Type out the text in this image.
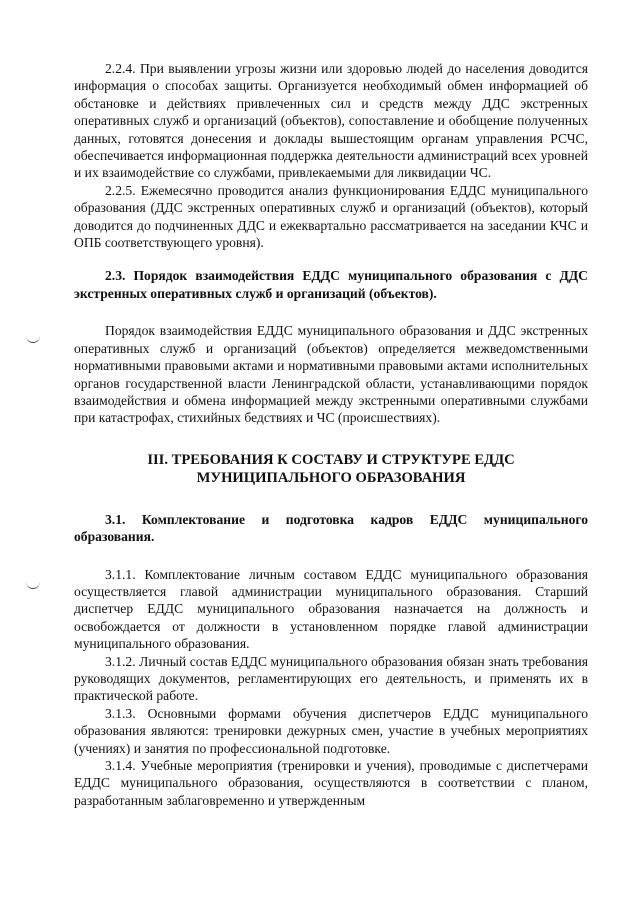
2.2.4. При выявлении угрозы жизни или здоровью людей до населения доводится информация о способах защиты. Организуется необходимый обмен информацией об обстановке и действиях привлеченных сил и средств между ДДС экстренных оперативных служб и организаций (объектов), сопоставление и обобщение полученных данных, готовятся донесения и доклады вышестоящим органам управления РСЧС, обеспечивается информационная поддержка деятельности администраций всех уровней и их взаимодействие со службами, привлекаемыми для ликвидации ЧС.

2.2.5. Ежемесячно проводится анализ функционирования ЕДДС муниципального образования (ДДС экстренных оперативных служб и организаций (объектов), который доводится до подчиненных ДДС и ежеквартально рассматривается на заседании КЧС и ОПБ соответствующего уровня).

2.3. Порядок взаимодействия ЕДДС муниципального образования с ДДС экстренных оперативных служб и организаций (объектов).

Порядок взаимодействия ЕДДС муниципального образования и ДДС экстренных оперативных служб и организаций (объектов) определяется межведомственными нормативными правовыми актами и нормативными правовыми актами исполнительных органов государственной власти Ленинградской области, устанавливающими порядок взаимодействия и обмена информацией между экстренными оперативными службами при катастрофах, стихийных бедствиях и ЧС (происшествиях).

III. ТРЕБОВАНИЯ К СОСТАВУ И СТРУКТУРЕ ЕДДС

МУНИЦИПАЛЬНОГО ОБРАЗОВАНИЯ

3.1. Комплектование и подготовка кадров ЕДДС муниципального образования.

3.1.1. Комплектование личным составом ЕДДС муниципального образования осуществляется главой администрации муниципального образования. Старший диспетчер ЕДДС муниципального образования назначается на должность и освобождается от должности в установленном порядке главой администрации муниципального образования.

3.1.2. Личный состав ЕДДС муниципального образования обязан знать требования руководящих документов, регламентирующих его деятельность, и применять их в практической работе.

3.1.3. Основными формами обучения диспетчеров ЕДДС муниципального образования являются: тренировки дежурных смен, участие в учебных мероприятиях (учениях) и занятия по профессиональной подготовке.

3.1.4. Учебные мероприятия (тренировки и учения), проводимые с диспетчерами ЕДДС муниципального образования, осуществляются в соответствии с планом, разработанным заблаговременно и утвержденным
